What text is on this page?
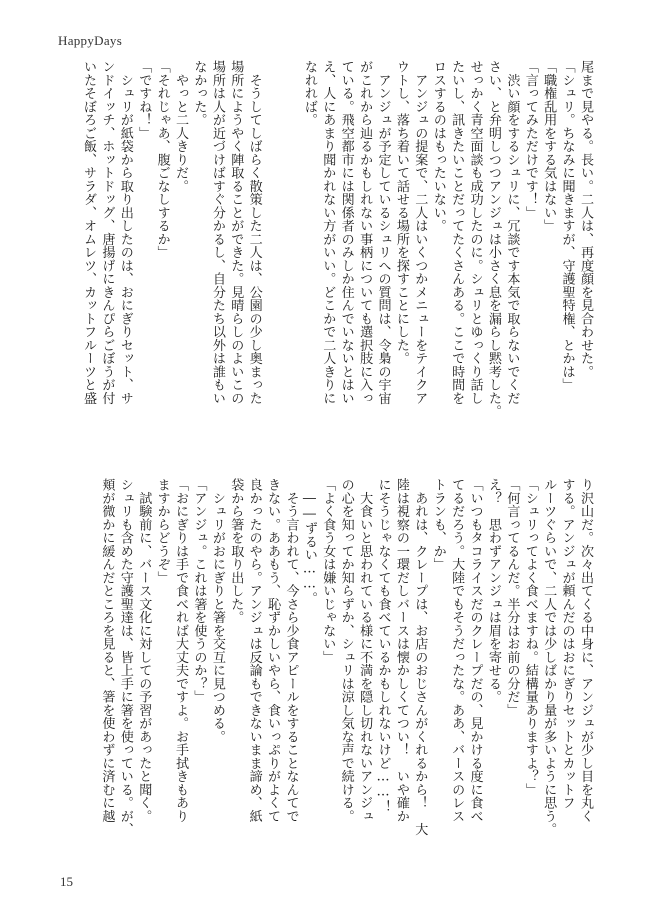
HappyDays
尾まで見やる。長い。二人は、再度顔を見合わせた。
「シュリ。ちなみに聞きますが、守護聖特権、とかは」
「職権乱用をする気はない」
「言ってみただけです！」
　渋い顔をするシュリに、冗談です本気で取らないでくだ
さい、と弁明しつつアンジュは小さく息を漏らし黙考した。
せっかく青空面談も成功したのに。シュリとゆっくり話し
たいし、訊きたいことだってたくさんある。ここで時間を
ロスするのはもったいない。
　アンジュの提案で、二人はいくつかメニューをテイクア
ウトし、落ち着いて話せる場所を探すことにした。
　アンジュが予定しているシュリへの質問は、令梟の宇宙
がこれから辿るかもしれない事柄についても選択肢に入っ
ている。飛空都市には関係者のみしか住んでいないとはい
え、人にあまり聞かれない方がいい。どこかで二人きりに
なれれば。

　そうしてしばらく散策した二人は、公園の少し奥まった
場所にようやく陣取ることができた。見晴らしのよいこの
場所は人が近づけばすぐ分かるし、自分たち以外は誰もい
なかった。
　やっと二人きりだ。
「それじゃあ、腹ごなしするか」
「ですね！」
　シュリが紙袋から取り出したのは、おにぎりセット、サ
ンドイッチ、ホットドッグ、唐揚げにきんぴらごぼうが付
いたそぼろご飯、サラダ、オムレツ、カットフルーツと盛
り沢山だ。次々出てくる中身に、アンジュが少し目を丸く
する。アンジュが頼んだのはおにぎりセットとカットフ
ルーツぐらいで、二人では少しばかり量が多いように思う。
「シュリってよく食べますね。結構量ありますよ？」
「何言ってるんだ。半分はお前の分だ」
え？　思わずアンジュは眉を寄せる。
「いつもタコライスだのクレープだの、見かける度に食べ
てるだろう。大陸でもそうだったな。ああ、バースのレス
トランも、か」
　あれは、クレープは、お店のおじさんがくれるから！　大
陸は視察の一環だしバースは懐かしくてつい！　いや確か
にそうじゃなくても食べているかもしれないけど……！
　大食いと思われている様に不満を隠し切れないアンジュ
の心を知ってか知らずか、シュリは涼し気な声で続ける。
「よく食う女は嫌いじゃない」
　――ずるい……。
　そう言われて、今さら少食アピールをすることなんてで
きない。ああもう、恥ずかしいやら、食いっぷりがよくて
良かったのやら。アンジュは反論もできないまま諦め、紙
袋から箸を取り出した。
　シュリがおにぎりと箸を交互に見つめる。
「アンジュ。これは箸を使うのか？」
「おにぎりは手で食べれば大丈夫ですよ。お手拭きもあり
ますからどうぞ」
　試験前に、バース文化に対しての予習があったと聞く。
シュリも含めた守護聖達は、皆上手に箸を使っている。が、
頬が微かに緩んだところを見ると、箸を使わずに済むに越
15
